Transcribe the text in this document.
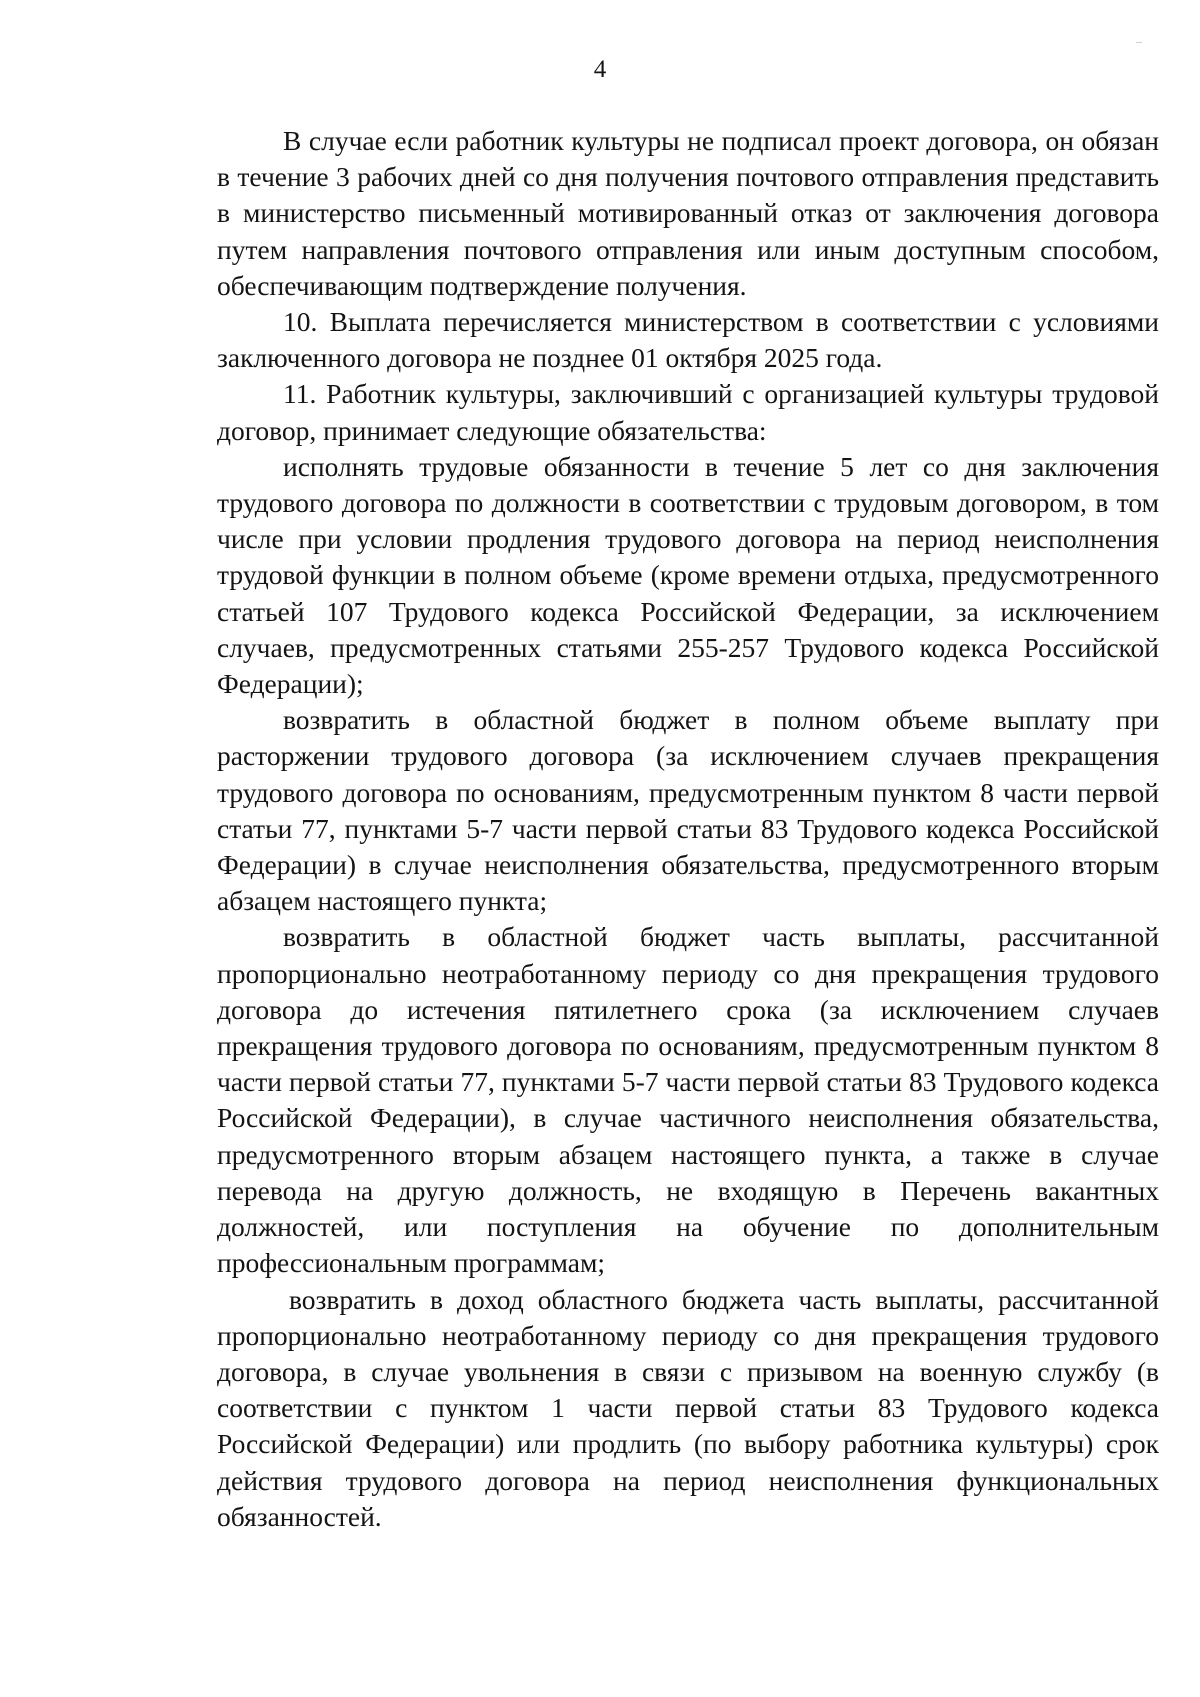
4

В случае если работник культуры не подписал проект договора, он обязан в течение 3 рабочих дней со дня получения почтового отправления представить в министерство письменный мотивированный отказ от заключения договора путем направления почтового отправления или иным доступным способом, обеспечивающим подтверждение получения.

10. Выплата перечисляется министерством в соответствии с условиями заключенного договора не позднее 01 октября 2025 года.

11. Работник культуры, заключивший с организацией культуры трудовой договор, принимает следующие обязательства:

исполнять трудовые обязанности в течение 5 лет со дня заключения трудового договора по должности в соответствии с трудовым договором, в том числе при условии продления трудового договора на период неисполнения трудовой функции в полном объеме (кроме времени отдыха, предусмотренного статьей 107 Трудового кодекса Российской Федерации, за исключением случаев, предусмотренных статьями 255-257 Трудового кодекса Российской Федерации);

возвратить в областной бюджет в полном объеме выплату при расторжении трудового договора (за исключением случаев прекращения трудового договора по основаниям, предусмотренным пунктом 8 части первой статьи 77, пунктами 5-7 части первой статьи 83 Трудового кодекса Российской Федерации) в случае неисполнения обязательства, предусмотренного вторым абзацем настоящего пункта;

возвратить в областной бюджет часть выплаты, рассчитанной пропорционально неотработанному периоду со дня прекращения трудового договора до истечения пятилетнего срока (за исключением случаев прекращения трудового договора по основаниям, предусмотренным пунктом 8 части первой статьи 77, пунктами 5-7 части первой статьи 83 Трудового кодекса Российской Федерации), в случае частичного неисполнения обязательства, предусмотренного вторым абзацем настоящего пункта, а также в случае перевода на другую должность, не входящую в Перечень вакантных должностей, или поступления на обучение по дополнительным профессиональным программам;

возвратить в доход областного бюджета часть выплаты, рассчитанной пропорционально неотработанному периоду со дня прекращения трудового договора, в случае увольнения в связи с призывом на военную службу (в соответствии с пунктом 1 части первой статьи 83 Трудового кодекса Российской Федерации) или продлить (по выбору работника культуры) срок действия трудового договора на период неисполнения функциональных обязанностей.
